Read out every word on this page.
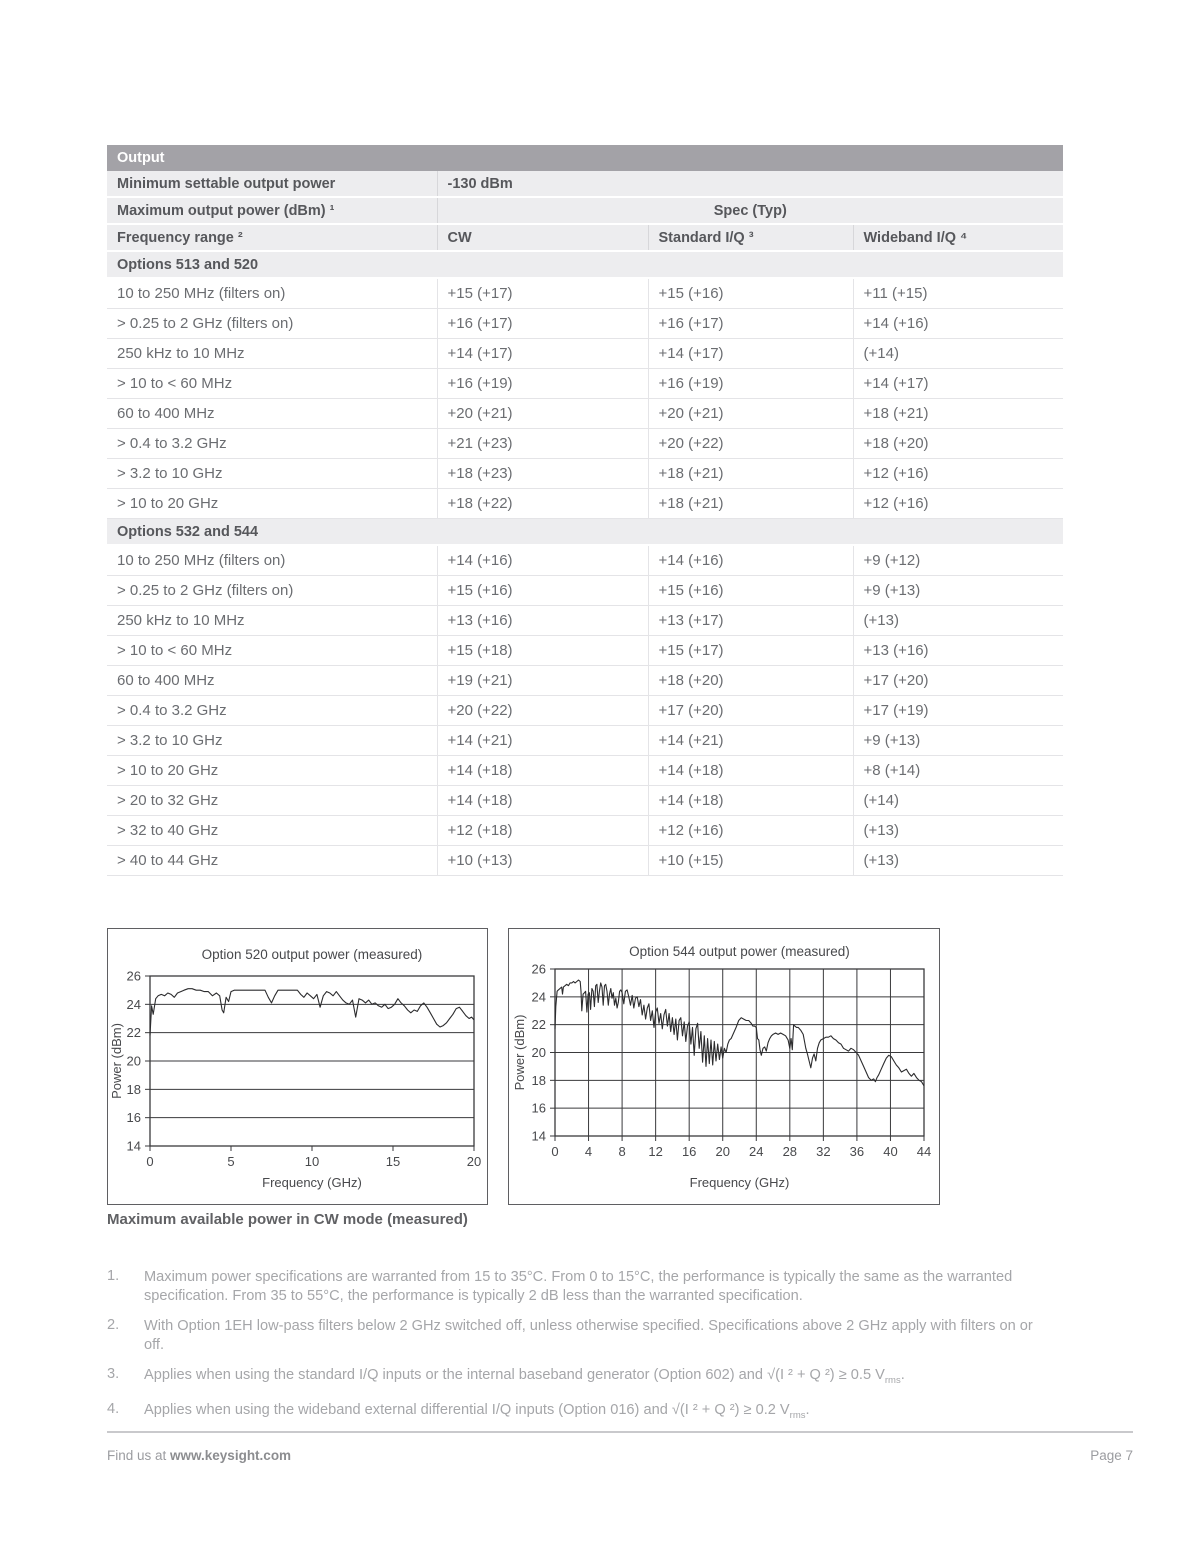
Output			
Minimum settable output power	-130 dBm		
Maximum output power (dBm) ¹	Spec (Typ)		
Frequency range ²	CW	Standard I/Q ³	Wideband I/Q ⁴
Options 513 and 520			
10 to 250 MHz (filters on)	+15 (+17)	+15 (+16)	+11 (+15)
> 0.25 to 2 GHz (filters on)	+16 (+17)	+16 (+17)	+14 (+16)
250 kHz to 10 MHz	+14 (+17)	+14 (+17)	(+14)
> 10 to < 60 MHz	+16 (+19)	+16 (+19)	+14 (+17)
60 to 400 MHz	+20 (+21)	+20 (+21)	+18 (+21)
> 0.4 to 3.2 GHz	+21 (+23)	+20 (+22)	+18 (+20)
> 3.2 to 10 GHz	+18 (+23)	+18 (+21)	+12 (+16)
> 10 to 20 GHz	+18 (+22)	+18 (+21)	+12 (+16)
Options 532 and 544			
10 to 250 MHz (filters on)	+14 (+16)	+14 (+16)	+9 (+12)
> 0.25 to 2 GHz (filters on)	+15 (+16)	+15 (+16)	+9 (+13)
250 kHz to 10 MHz	+13 (+16)	+13 (+17)	(+13)
> 10 to < 60 MHz	+15 (+18)	+15 (+17)	+13 (+16)
60 to 400 MHz	+19 (+21)	+18 (+20)	+17 (+20)
> 0.4 to 3.2 GHz	+20 (+22)	+17 (+20)	+17 (+19)
> 3.2 to 10 GHz	+14 (+21)	+14 (+21)	+9 (+13)
> 10 to 20 GHz	+14 (+18)	+14 (+18)	+8 (+14)
> 20 to 32 GHz	+14 (+18)	+14 (+18)	(+14)
> 32 to 40 GHz	+12 (+18)	+12 (+16)	(+13)
> 40 to 44 GHz	+10 (+13)	+10 (+15)	(+13)
14
16
18
20
22
24
26
0	5	10	15	20
Option 520 output power (measured)
Frequency (GHz)
Power (dBm)
14
16
18
20
22
24
26
0 4 8 12 16 20 24 28 32 36 40 44
Option 544 output power (measured)
Frequency (GHz)
Power (dBm)
Maximum available power in CW mode (measured)
1.	Maximum power specifications are warranted from 15 to 35°C. From 0 to 15°C, the performance is typically the same as the warranted specification. From 35 to 55°C, the performance is typically 2 dB less than the warranted specification.
2.	With Option 1EH low-pass filters below 2 GHz switched off, unless otherwise specified. Specifications above 2 GHz apply with filters on or off.
3.	Applies when using the standard I/Q inputs or the internal baseband generator (Option 602) and √(I ² + Q ²) ≥ 0.5 $V_{rms}$.
4.	Applies when using the wideband external differential I/Q inputs (Option 016) and √(I ² + Q ²) ≥ 0.2 $V_{rms}$.
Find us at www.keysight.com	Page 7
